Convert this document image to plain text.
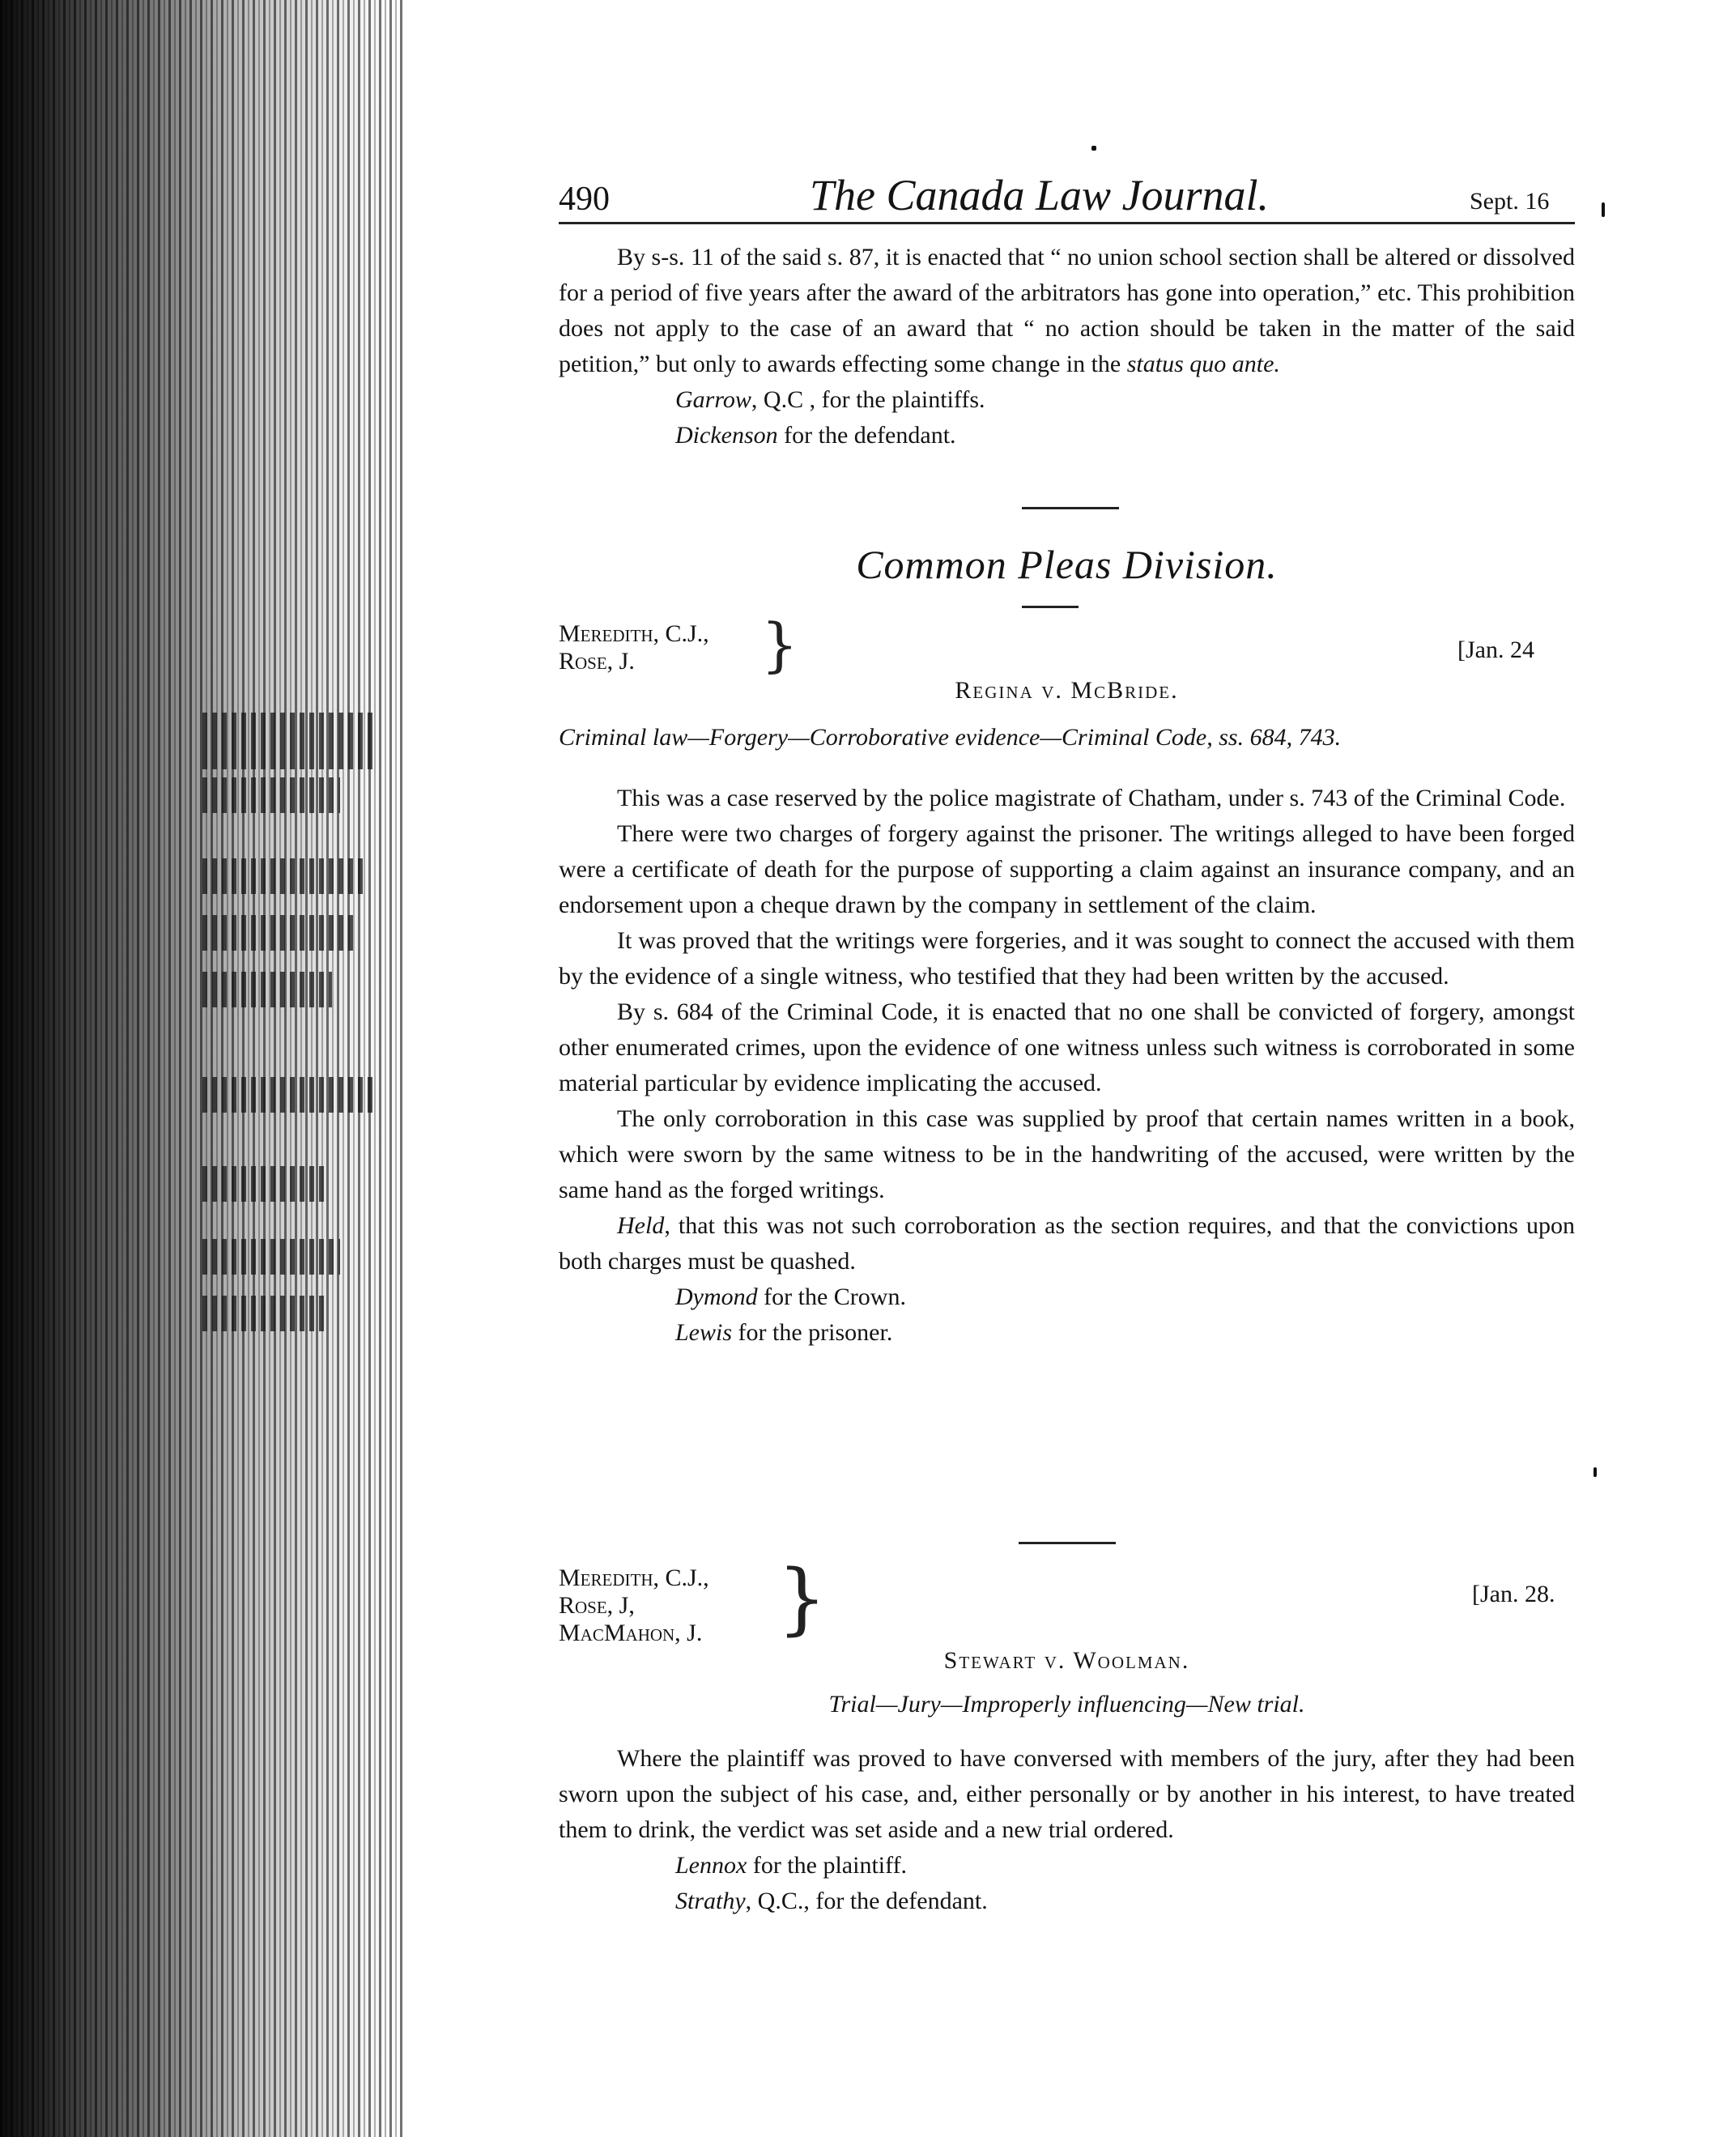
490	The Canada Law Journal.	Sept. 16

By s-s. 11 of the said s. 87, it is enacted that “ no union school section shall be altered or dissolved for a period of five years after the award of the arbitrators has gone into operation,” etc. This prohibition does not apply to the case of an award that “ no action should be taken in the matter of the said petition,” but only to awards effecting some change in the status quo ante.

Garrow, Q.C , for the plaintiffs.

Dickenson for the defendant.

Common Pleas Division.
Meredith, C.J.,
Rose, J.	}	[Jan. 24
Regina v. McBride.
Criminal law—Forgery—Corroborative evidence—Criminal Code, ss. 684, 743.

This was a case reserved by the police magistrate of Chatham, under s. 743 of the Criminal Code.

There were two charges of forgery against the prisoner. The writings alleged to have been forged were a certificate of death for the purpose of supporting a claim against an insurance company, and an endorsement upon a cheque drawn by the company in settlement of the claim.

It was proved that the writings were forgeries, and it was sought to connect the accused with them by the evidence of a single witness, who testified that they had been written by the accused.

By s. 684 of the Criminal Code, it is enacted that no one shall be convicted of forgery, amongst other enumerated crimes, upon the evidence of one witness unless such witness is corroborated in some material particular by evidence implicating the accused.

The only corroboration in this case was supplied by proof that certain names written in a book, which were sworn by the same witness to be in the handwriting of the accused, were written by the same hand as the forged writings.

Held, that this was not such corroboration as the section requires, and that the convictions upon both charges must be quashed.

Dymond for the Crown.

Lewis for the prisoner.

Meredith, C.J.,
Rose, J,
MacMahon, J. }	[Jan. 28.
Stewart v. Woolman.
Trial—Jury—Improperly influencing—New trial.

Where the plaintiff was proved to have conversed with members of the jury, after they had been sworn upon the subject of his case, and, either personally or by another in his interest, to have treated them to drink, the verdict was set aside and a new trial ordered.

Lennox for the plaintiff.

Strathy, Q.C., for the defendant.
